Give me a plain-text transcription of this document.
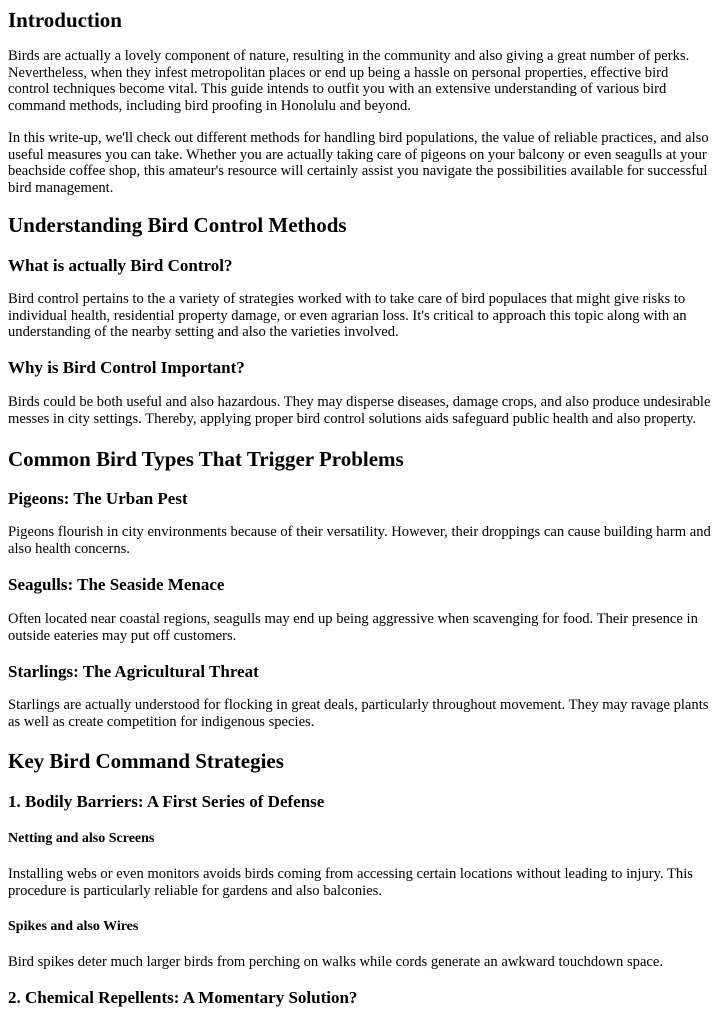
Introduction

Birds are actually a lovely component of nature, resulting in the community and also giving a great number of perks. Nevertheless, when they infest metropolitan places or end up being a hassle on personal properties, effective bird control techniques become vital. This guide intends to outfit you with an extensive understanding of various bird command methods, including bird proofing in Honolulu and beyond.

In this write-up, we'll check out different methods for handling bird populations, the value of reliable practices, and also useful measures you can take. Whether you are actually taking care of pigeons on your balcony or even seagulls at your beachside coffee shop, this amateur's resource will certainly assist you navigate the possibilities available for successful bird management.

Understanding Bird Control Methods
What is actually Bird Control?

Bird control pertains to the a variety of strategies worked with to take care of bird populaces that might give risks to individual health, residential property damage, or even agrarian loss. It's critical to approach this topic along with an understanding of the nearby setting and also the varieties involved.

Why is Bird Control Important?

Birds could be both useful and also hazardous. They may disperse diseases, damage crops, and also produce undesirable messes in city settings. Thereby, applying proper bird control solutions aids safeguard public health and also property.

Common Bird Types That Trigger Problems
Pigeons: The Urban Pest

Pigeons flourish in city environments because of their versatility. However, their droppings can cause building harm and also health concerns.

Seagulls: The Seaside Menace

Often located near coastal regions, seagulls may end up being aggressive when scavenging for food. Their presence in outside eateries may put off customers.

Starlings: The Agricultural Threat

Starlings are actually understood for flocking in great deals, particularly throughout movement. They may ravage plants as well as create competition for indigenous species.

Key Bird Command Strategies
1. Bodily Barriers: A First Series of Defense
Netting and also Screens

Installing webs or even monitors avoids birds coming from accessing certain locations without leading to injury. This procedure is particularly reliable for gardens and also balconies.

Spikes and also Wires

Bird spikes deter much larger birds from perching on walks while cords generate an awkward touchdown space.

2. Chemical Repellents: A Momentary Solution?
